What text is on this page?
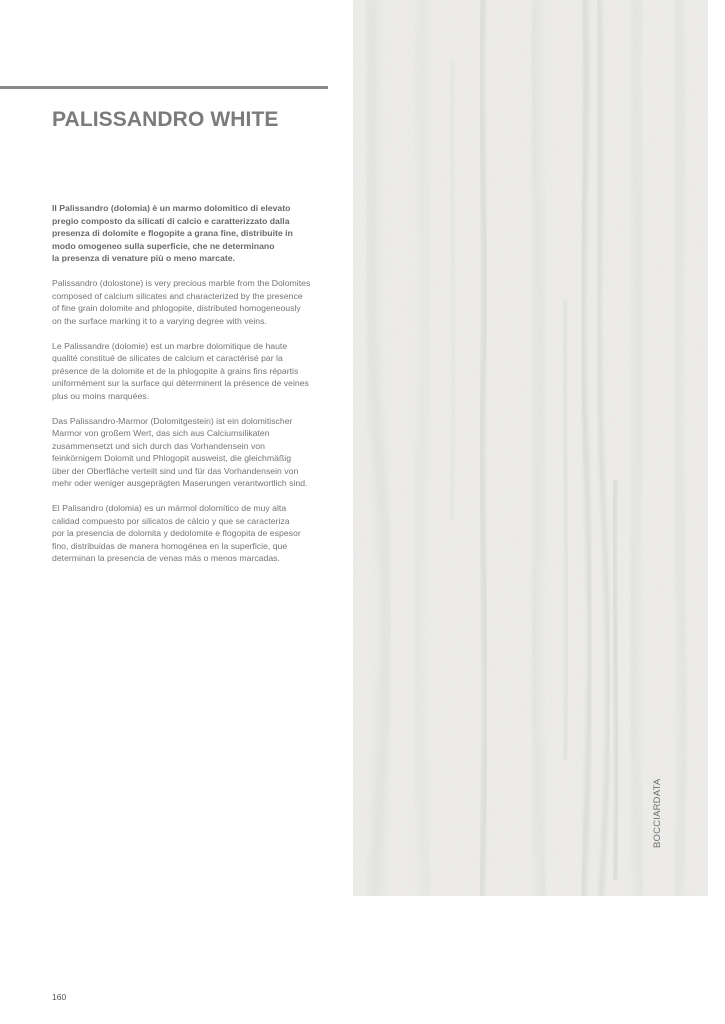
PALISSANDRO WHITE

Il Palissandro (dolomia) è un marmo dolomitico di elevato
pregio composto da silicati di calcio e caratterizzato dalla
presenza di dolomite e flogopite a grana fine, distribuite in
modo omogeneo sulla superficie, che ne determinano
la presenza di venature più o meno marcate.

Palissandro (dolostone) is very precious marble from the Dolomites
composed of calcium silicates and characterized by the presence
of fine grain dolomite and phlogopite, distributed homogeneously
on the surface marking it to a varying degree with veins.

Le Palissandre (dolomie) est un marbre dolomitique de haute
qualité constitué de silicates de calcium et caractérisé par la
présence de la dolomite et de la phlogopite à grains fins répartis
uniformément sur la surface qui déterminent la présence de veines
plus ou moins marquées.

Das Palissandro-Marmor (Dolomitgestein) ist ein dolomitischer
Marmor von großem Wert, das sich aus Calciumsilikaten
zusammensetzt und sich durch das Vorhandensein von
feinkörnigem Dolomit und Phlogopit ausweist, die gleichmäßig
über der Oberfläche verteilt sind und für das Vorhandensein von
mehr oder weniger ausgeprägten Maserungen verantwortlich sind.

El Palisandro (dolomia) es un mármol dolomítico de muy alta
calidad compuesto por silicatos de cálcio y que se caracteriza
por la presencia de dolomita y dedolomite e flogopita de espesor
fino, distribuidas de manera homogénea en la superficie, que
determinan la presencia de venas más o menos marcadas.

BOCCIARDATA
160
